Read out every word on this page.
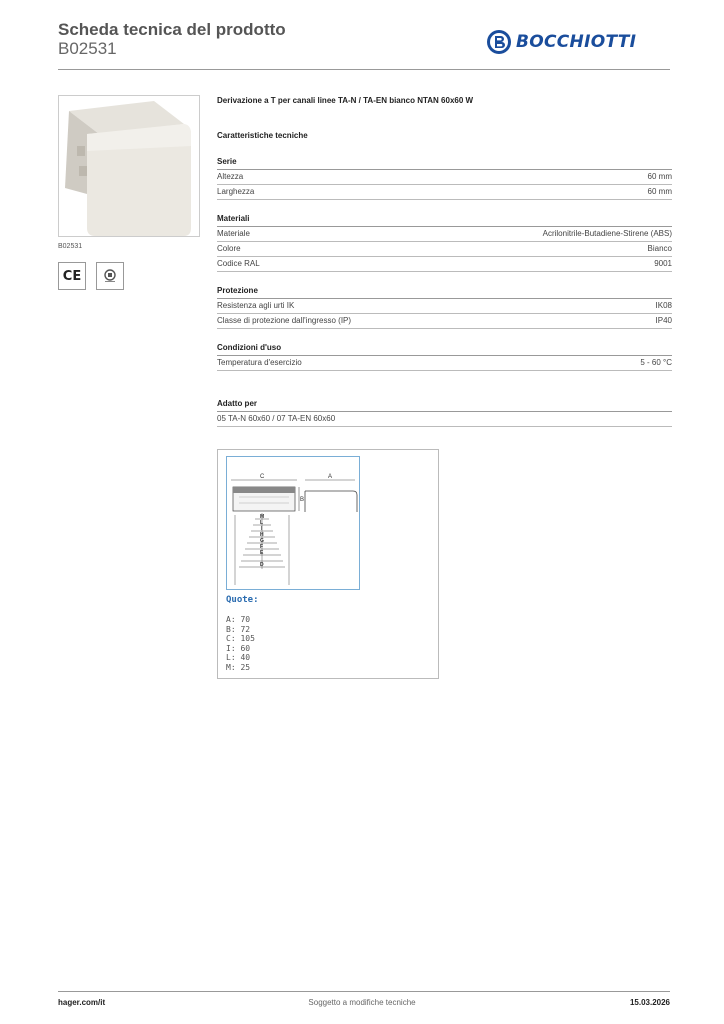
Scheda tecnica del prodotto
B02531	BOCCHIOTTI
B02531
CE
Derivazione a T per canali linee TA-N / TA-EN bianco NTAN 60x60 W
Caratteristiche tecniche
Serie
Altezza	60 mm
Larghezza	60 mm
Materiali
Materiale	Acrilonitrile-Butadiene-Stirene (ABS)
Colore	Bianco
Codice RAL	9001
Protezione
Resistenza agli urti IK	IK08
Classe di protezione dall'ingresso (IP)	IP40
Condizioni d'uso
Temperatura d'esercizio	5 - 60 °C
Adatto per
05 TA-N 60x60 / 07 TA-EN 60x60
C	A
B
M
L
I
H
G
F
E
D
Quote:
A: 70
B: 72
C: 105
I: 60
L: 40
M: 25
hager.com/it	Soggetto a modifiche tecniche	15.03.2026
